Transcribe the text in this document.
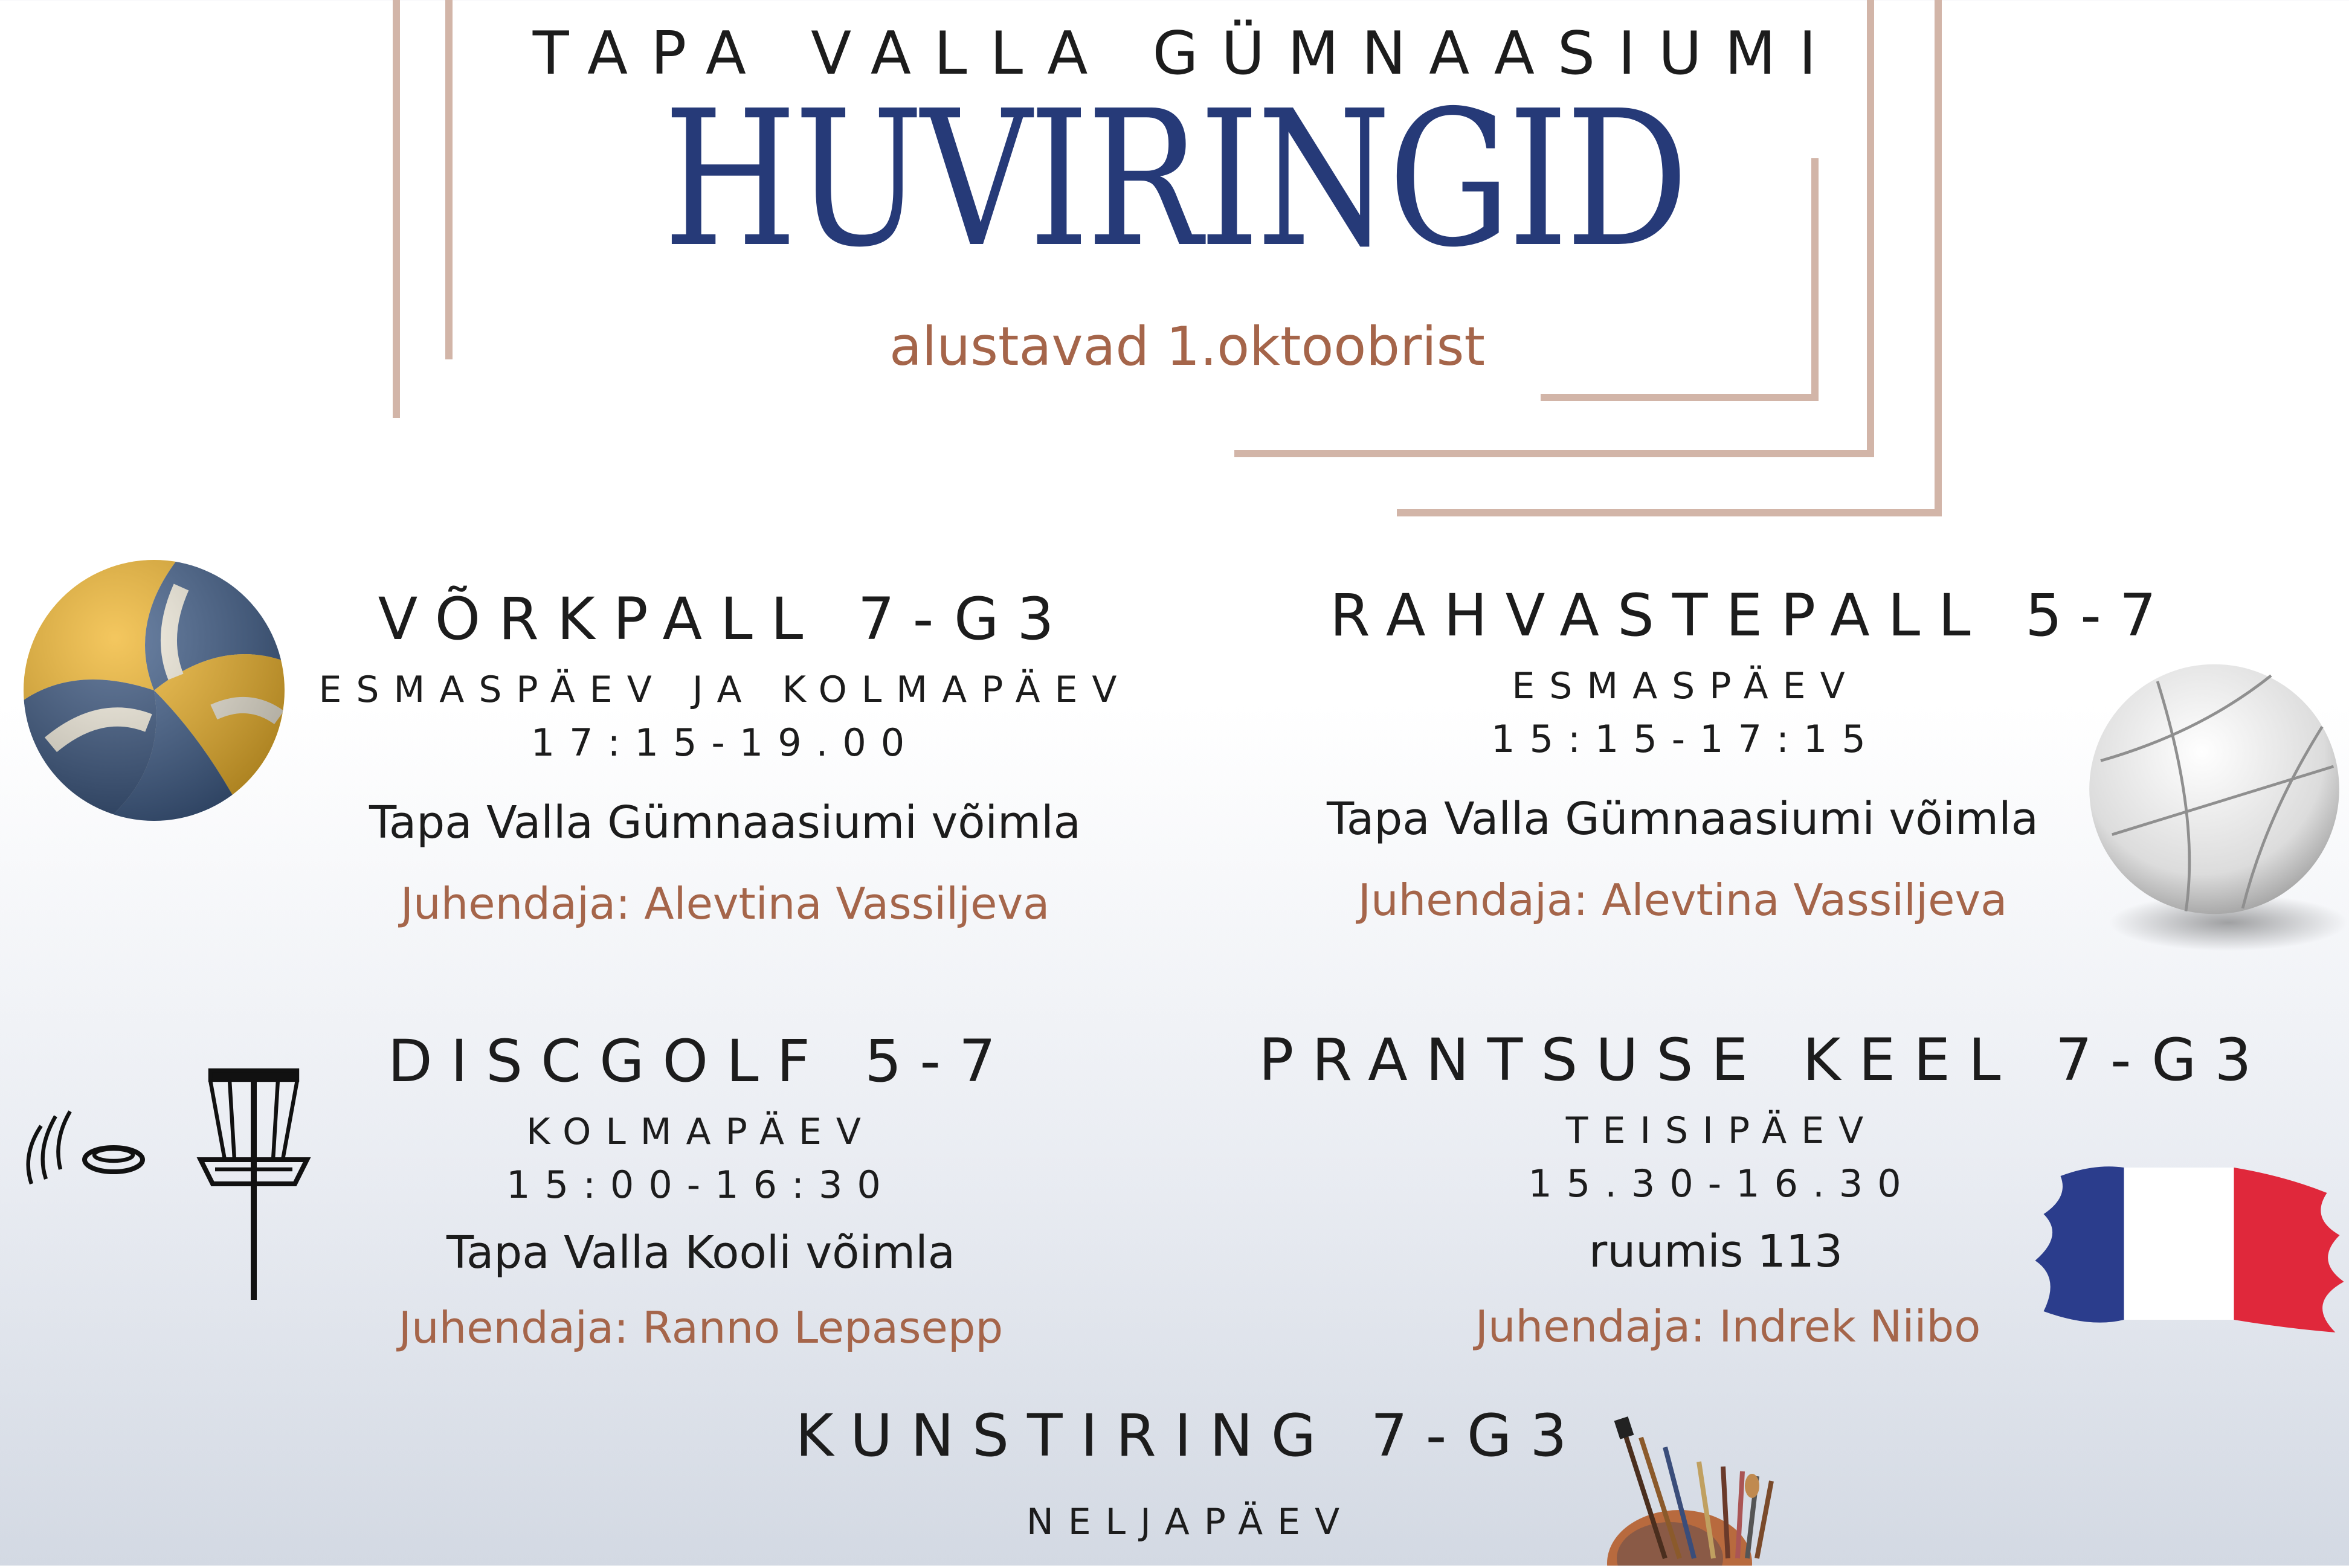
TAPA VALLA GÜMNAASIUMI
HUVIRINGID
alustavad 1.oktoobrist
VÕRKPALL 7-G3
ESMASPÄEV JA KOLMAPÄEV
17:15-19.00
Tapa Valla Gümnaasiumi võimla
Juhendaja: Alevtina Vassiljeva
RAHVASTEPALL 5-7
ESMASPÄEV
15:15-17:15
Tapa Valla Gümnaasiumi võimla
Juhendaja: Alevtina Vassiljeva
DISCGOLF 5-7
KOLMAPÄEV
15:00-16:30
Tapa Valla Kooli võimla
Juhendaja: Ranno Lepasepp
PRANTSUSE KEEL 7-G3
TEISIPÄEV
15.30-16.30
ruumis 113
Juhendaja: Indrek Niibo
KUNSTIRING 7-G3
NELJAPÄEV
